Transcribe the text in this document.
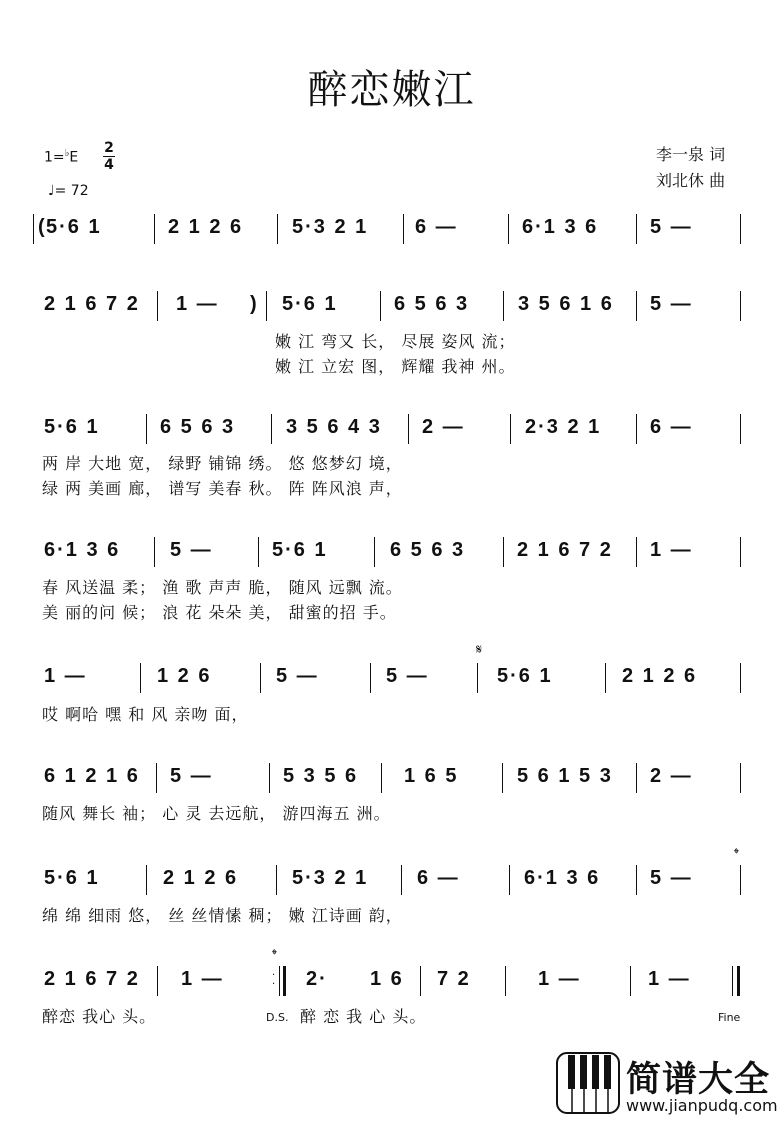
醉恋嫩江
1=♭E
2
4
♩= 72
李一泉 词
刘北休 曲
( 5·6 1	2 1 2 6 5·3 2 1 6 —	6·1 3 6	5 —
2 1 6 7 2 1 — ) 5·6 1	6 5 6 3 3 5 6 1 6 5 —
嫩 江 弯又 长， 尽展 姿风 流；
嫩 江 立宏 图， 辉耀 我神 州。
5·6 1	6 5 6 3	3 5 6 4 3 2 —	2·3 2 1 6 —
两 岸 大地 宽， 绿野 铺锦 绣。 悠 悠梦幻 境，
绿 两 美画 廊， 谱写 美春 秋。 阵 阵风浪 声，
6·1 3 6 5 —	5·6 1	6 5 6 3	2 1 6 7 2 1 —
春 风送温 柔； 渔 歌 声声 脆， 随风 远飘 流。
美 丽的问 候； 浪 花 朵朵 美， 甜蜜的招 手。
1 —	1 2 6	5 —	5 —	5·6 1	2 1 2 6
哎 啊哈 嘿 和 风 亲吻 面，
6 1 2 1 6 5 —	5 3 5 6 1 6 5	5 6 1 5 3 2 —
随风 舞长 袖； 心 灵 去远航， 游四海五 洲。
5·6 1	2 1 2 6	5·3 2 1 6 —	6·1 3 6 5 —
绵 绵 细雨 悠， 丝 丝情愫 稠； 嫩 江诗画 韵，
2 1 6 7 2 1 —	2· 1 6 7 2	1 —	1 —
醉恋 我心 头。	醉 恋 我 心 头。
𝄋
𝄌
𝄌
D.S.	Fine
·
·
简谱大全
www.jianpudq.com
